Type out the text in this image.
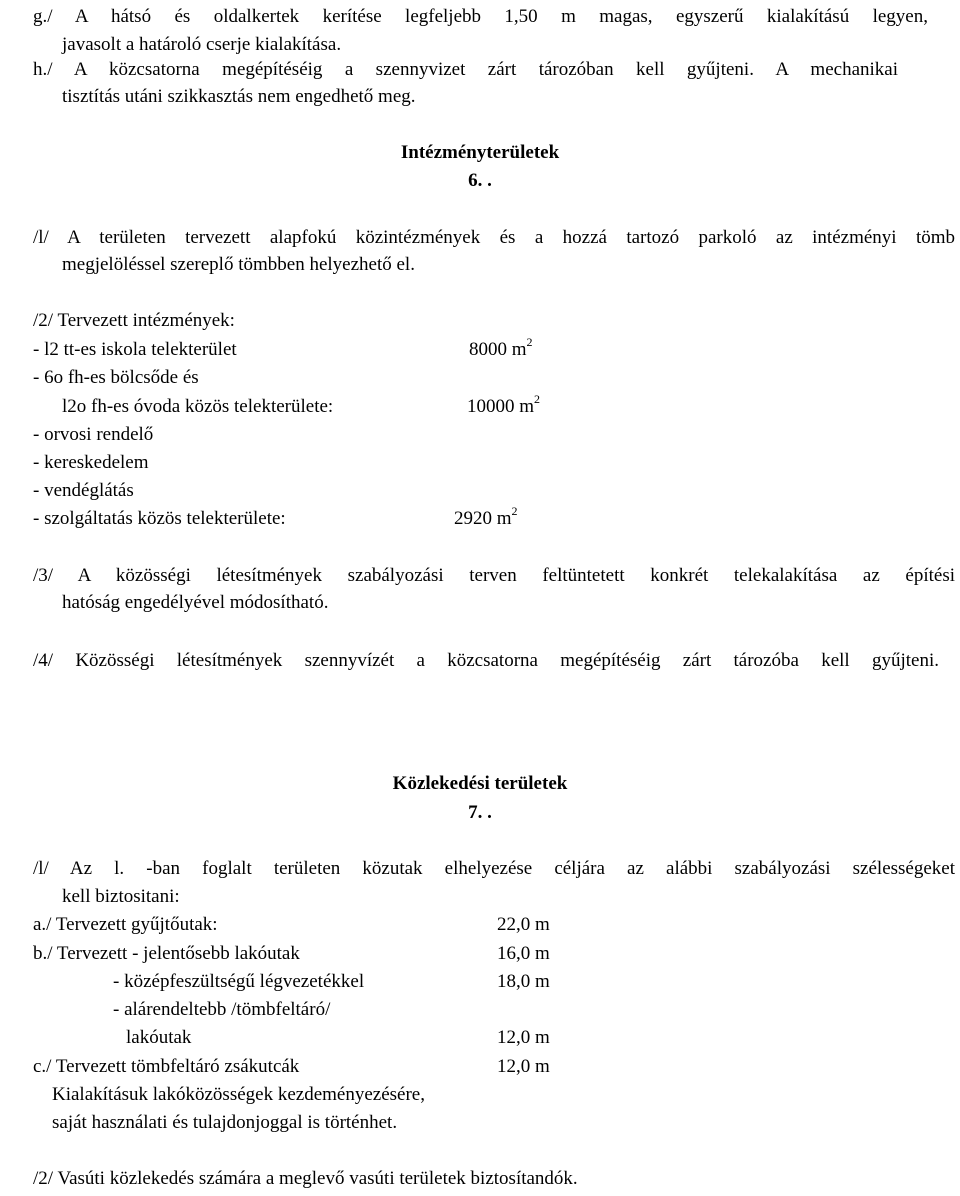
g./ A hátsó és oldalkertek kerítése legfeljebb 1,50 m magas, egyszerű kialakítású legyen,
javasolt a határoló cserje kialakítása.
h./ A közcsatorna megépítéséig a szennyvizet zárt tározóban kell gyűjteni. A mechanikai
tisztítás utáni szikkasztás nem engedhető meg.
Intézményterületek
6. .
/l/ A területen tervezett alapfokú közintézmények és a hozzá tartozó parkoló az intézményi tömb
megjelöléssel szereplő tömbben helyezhető el.
/2/ Tervezett intézmények:
- l2 tt-es iskola telekterület	8000 $m^2$
- 6o fh-es bölcsőde és
l2o fh-es óvoda közös telekterülete:	10000 $m^2$
- orvosi rendelő
- kereskedelem
- vendéglátás
- szolgáltatás közös telekterülete:	2920 $m^2$
/3/ A közösségi létesítmények szabályozási terven feltüntetett konkrét telekalakítása az építési
hatóság engedélyével módosítható.
/4/ Közösségi létesítmények szennyvízét a közcsatorna megépítéséig zárt tározóba kell gyűjteni.
Közlekedési területek
7. .
/l/ Az l. -ban foglalt területen közutak elhelyezése céljára az alábbi szabályozási szélességeket
kell biztositani:
a./ Tervezett gyűjtőutak:	22,0 m
b./ Tervezett - jelentősebb lakóutak	16,0 m
- középfeszültségű légvezetékkel	18,0 m
- alárendeltebb /tömbfeltáró/
lakóutak	12,0 m
c./ Tervezett tömbfeltáró zsákutcák	12,0 m
Kialakításuk lakóközösségek kezdeményezésére,
saját használati és tulajdonjoggal is történhet.
/2/ Vasúti közlekedés számára a meglevő vasúti területek biztosítandók.
